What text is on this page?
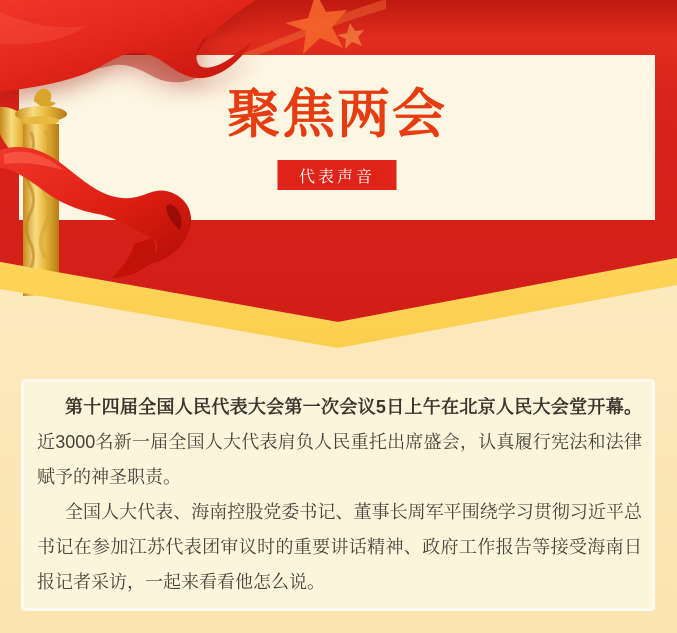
聚焦两会
代表声音

第十四届全国人民代表大会第一次会议5日上午在北京人民大会堂开幕。近3000名新一届全国人大代表肩负人民重托出席盛会，认真履行宪法和法律赋予的神圣职责。

全国人大代表、海南控股党委书记、董事长周军平围绕学习贯彻习近平总书记在参加江苏代表团审议时的重要讲话精神、政府工作报告等接受海南日报记者采访，一起来看看他怎么说。
